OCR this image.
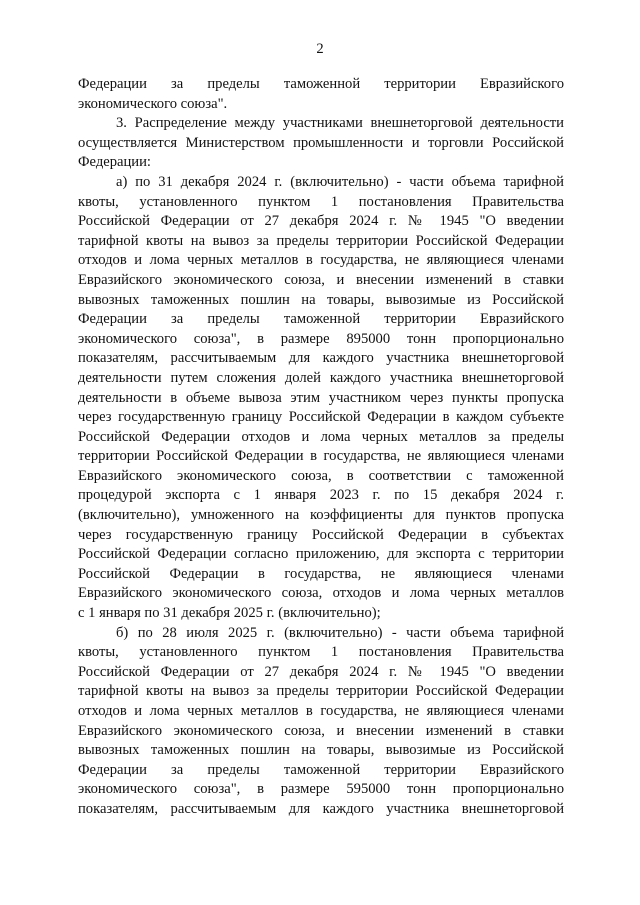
2
Федерации за пределы таможенной территории Евразийского
экономического союза".
3. Распределение между участниками внешнеторговой деятельности
осуществляется Министерством промышленности и торговли Российской
Федерации:
а) по 31 декабря 2024 г. (включительно) - части объема тарифной
квоты, установленного пунктом 1 постановления Правительства
Российской Федерации от 27 декабря 2024 г. № 1945 "О введении
тарифной квоты на вывоз за пределы территории Российской Федерации
отходов и лома черных металлов в государства, не являющиеся членами
Евразийского экономического союза, и внесении изменений в ставки
вывозных таможенных пошлин на товары, вывозимые из Российской
Федерации за пределы таможенной территории Евразийского
экономического союза", в размере 895000 тонн пропорционально
показателям, рассчитываемым для каждого участника внешнеторговой
деятельности путем сложения долей каждого участника внешнеторговой
деятельности в объеме вывоза этим участником через пункты пропуска
через государственную границу Российской Федерации в каждом субъекте
Российской Федерации отходов и лома черных металлов за пределы
территории Российской Федерации в государства, не являющиеся членами
Евразийского экономического союза, в соответствии с таможенной
процедурой экспорта с 1 января 2023 г. по 15 декабря 2024 г.
(включительно), умноженного на коэффициенты для пунктов пропуска
через государственную границу Российской Федерации в субъектах
Российской Федерации согласно приложению, для экспорта с территории
Российской Федерации в государства, не являющиеся членами
Евразийского экономического союза, отходов и лома черных металлов
с 1 января по 31 декабря 2025 г. (включительно);
б) по 28 июля 2025 г. (включительно) - части объема тарифной
квоты, установленного пунктом 1 постановления Правительства
Российской Федерации от 27 декабря 2024 г. № 1945 "О введении
тарифной квоты на вывоз за пределы территории Российской Федерации
отходов и лома черных металлов в государства, не являющиеся членами
Евразийского экономического союза, и внесении изменений в ставки
вывозных таможенных пошлин на товары, вывозимые из Российской
Федерации за пределы таможенной территории Евразийского
экономического союза", в размере 595000 тонн пропорционально
показателям, рассчитываемым для каждого участника внешнеторговой
